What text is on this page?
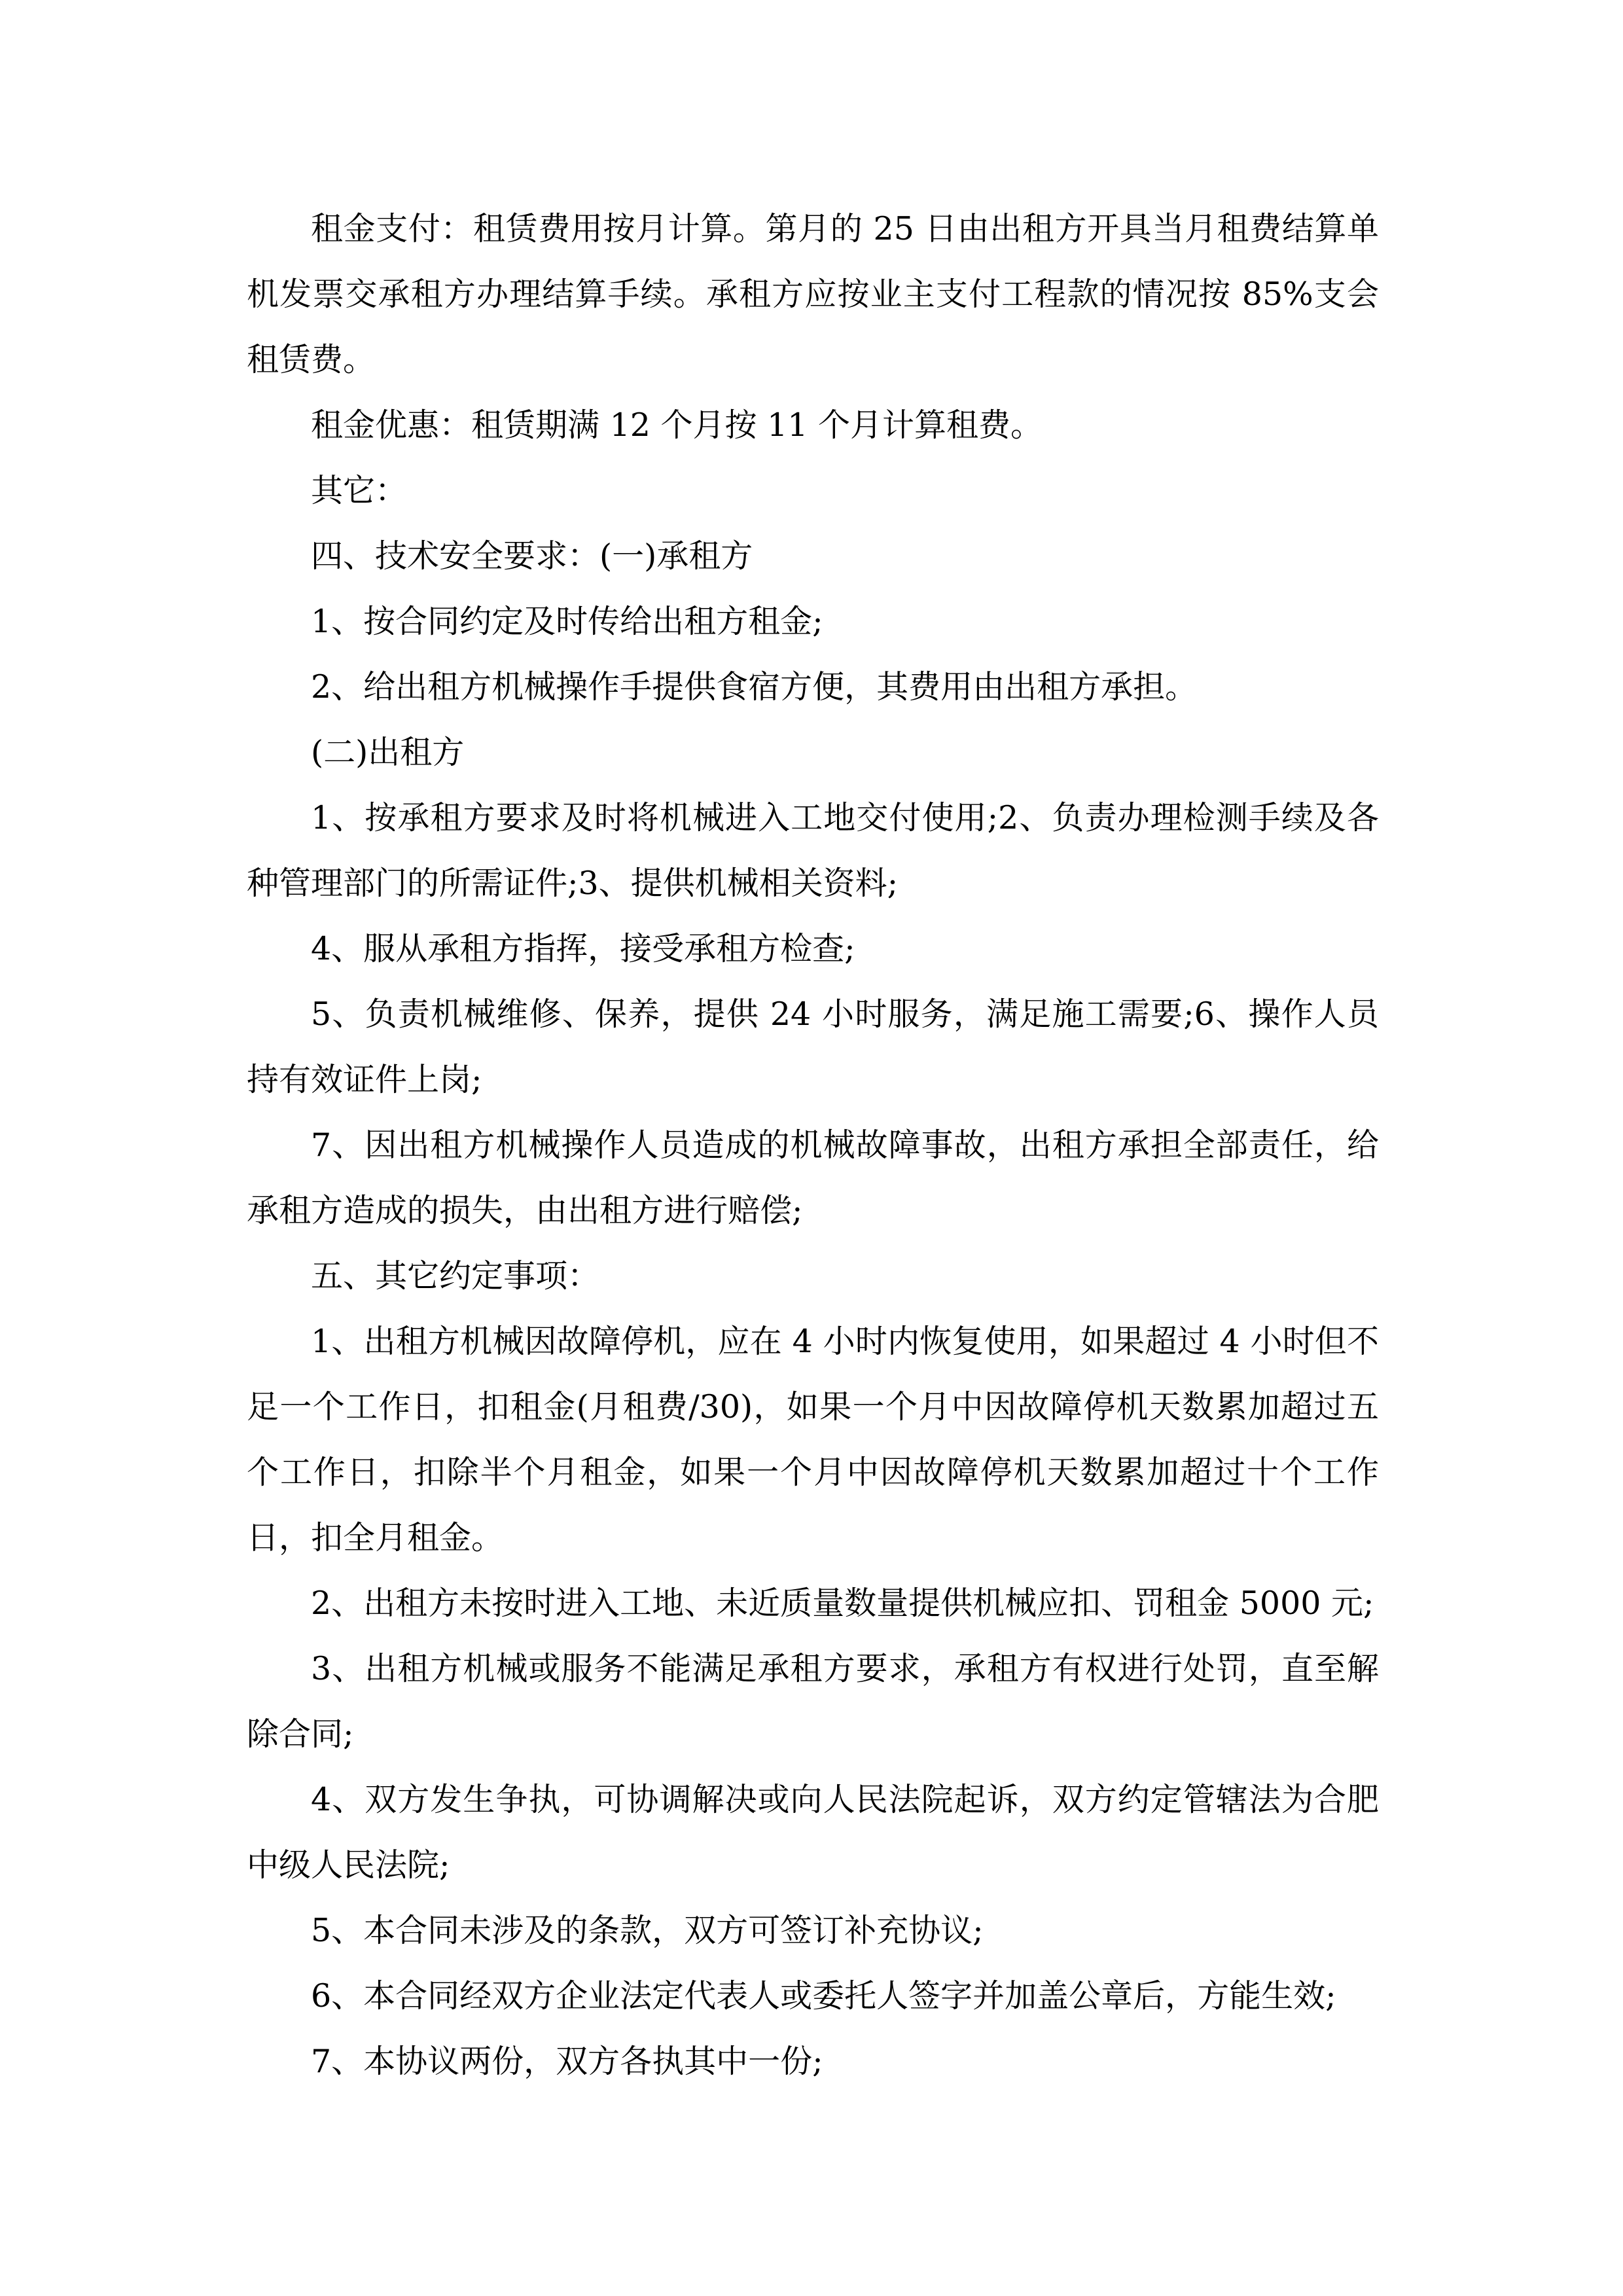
租金支付：租赁费用按月计算。第月的 25 日由出租方开具当月租费结算单机发票交承租方办理结算手续。承租方应按业主支付工程款的情况按 85%支会租赁费。

租金优惠：租赁期满 12 个月按 11 个月计算租费。

其它：

四、技术安全要求：(一)承租方

1、按合同约定及时传给出租方租金;

2、给出租方机械操作手提供食宿方便，其费用由出租方承担。

(二)出租方

1、按承租方要求及时将机械进入工地交付使用;2、负责办理检测手续及各种管理部门的所需证件;3、提供机械相关资料;

4、服从承租方指挥，接受承租方检查;

5、负责机械维修、保养，提供 24 小时服务，满足施工需要;6、操作人员持有效证件上岗;

7、因出租方机械操作人员造成的机械故障事故，出租方承担全部责任，给承租方造成的损失，由出租方进行赔偿;

五、其它约定事项：

1、出租方机械因故障停机，应在 4 小时内恢复使用，如果超过 4 小时但不足一个工作日，扣租金(月租费/30)，如果一个月中因故障停机天数累加超过五个工作日，扣除半个月租金，如果一个月中因故障停机天数累加超过十个工作日，扣全月租金。

2、出租方未按时进入工地、未近质量数量提供机械应扣、罚租金 5000 元;

3、出租方机械或服务不能满足承租方要求，承租方有权进行处罚，直至解除合同;

4、双方发生争执，可协调解决或向人民法院起诉，双方约定管辖法为合肥中级人民法院;

5、本合同未涉及的条款，双方可签订补充协议;

6、本合同经双方企业法定代表人或委托人签字并加盖公章后，方能生效;

7、本协议两份，双方各执其中一份;
